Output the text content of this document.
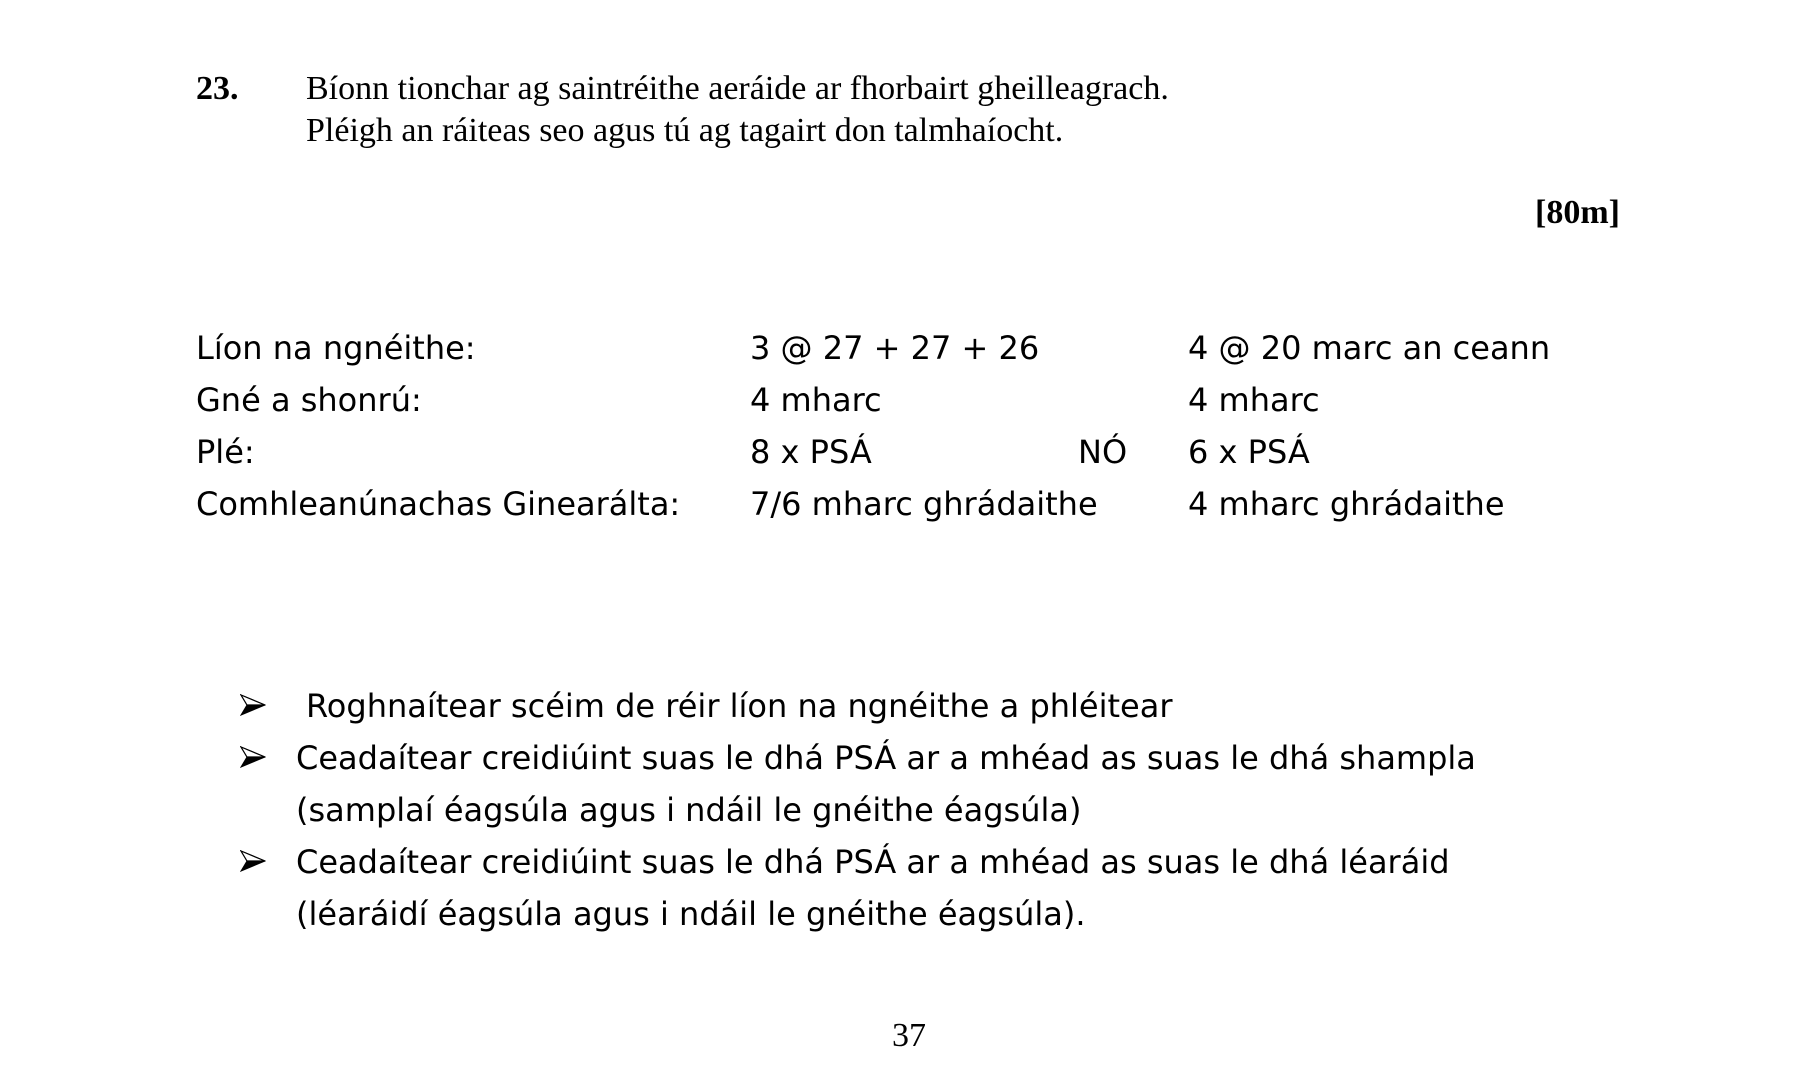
23. Bíonn tionchar ag saintréithe aeráide ar fhorbairt gheilleagrach.
Pléigh an ráiteas seo agus tú ag tagairt don talmhaíocht.
[80m]
Líon na ngnéithe:	3 @ 27 + 27 + 26	4 @ 20 marc an ceann
Gné a shonrú:	4 mharc	4 mharc
Plé:	8 x PSÁ	NÓ 6 x PSÁ
Comhleanúnachas Ginearálta: 7/6 mharc ghrádaithe	4 mharc ghrádaithe
Roghnaítear scéim de réir líon na ngnéithe a phléitear
Ceadaítear creidiúint suas le dhá PSÁ ar a mhéad as suas le dhá shampla
(samplaí éagsúla agus i ndáil le gnéithe éagsúla)
Ceadaítear creidiúint suas le dhá PSÁ ar a mhéad as suas le dhá léaráid
(léaráidí éagsúla agus i ndáil le gnéithe éagsúla).
37
